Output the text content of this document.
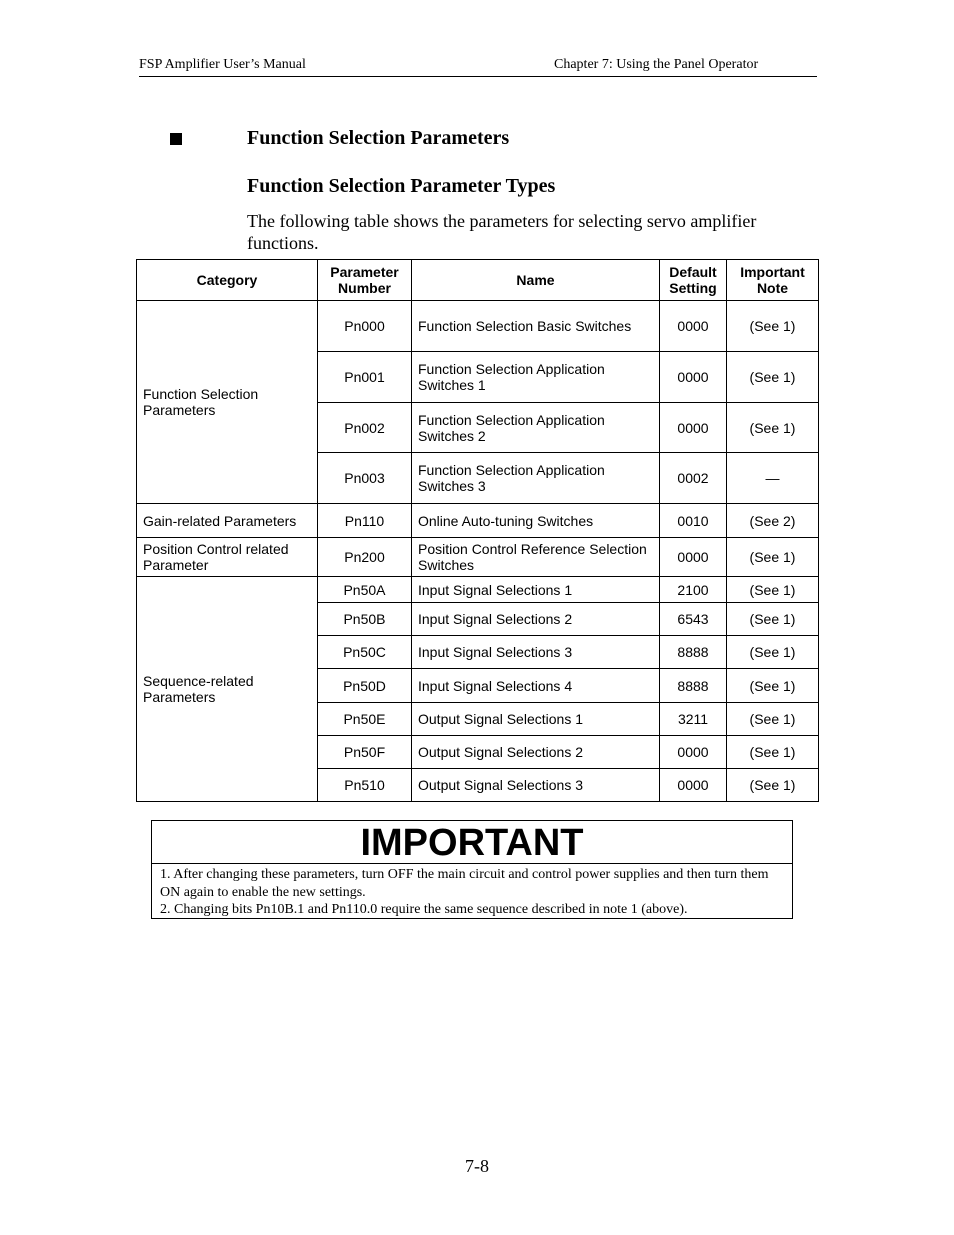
FSP Amplifier User’s Manual	Chapter 7: Using the Panel Operator
Function Selection Parameters
Function Selection Parameter Types
The following table shows the parameters for selecting servo amplifier functions.
Category	Parameter Number	Name	Default Setting	Important Note
Function Selection Parameters	Pn000	Function Selection Basic Switches	0000	(See 1)
	Pn001	Function Selection Application Switches 1	0000	(See 1)
	Pn002	Function Selection Application Switches 2	0000	(See 1)
	Pn003	Function Selection Application Switches 3	0002	—
Gain-related Parameters	Pn110	Online Auto-tuning Switches	0010	(See 2)
Position Control related Parameter	Pn200	Position Control Reference Selection Switches	0000	(See 1)
Sequence-related Parameters	Pn50A	Input Signal Selections 1	2100	(See 1)
	Pn50B	Input Signal Selections 2	6543	(See 1)
	Pn50C	Input Signal Selections 3	8888	(See 1)
	Pn50D	Input Signal Selections 4	8888	(See 1)
	Pn50E	Output Signal Selections 1	3211	(See 1)
	Pn50F	Output Signal Selections 2	0000	(See 1)
	Pn510	Output Signal Selections 3	0000	(See 1)
IMPORTANT
1. After changing these parameters, turn OFF the main circuit and control power supplies and then turn them ON again to enable the new settings.
2. Changing bits Pn10B.1 and Pn110.0 require the same sequence described in note 1 (above).
7-8
